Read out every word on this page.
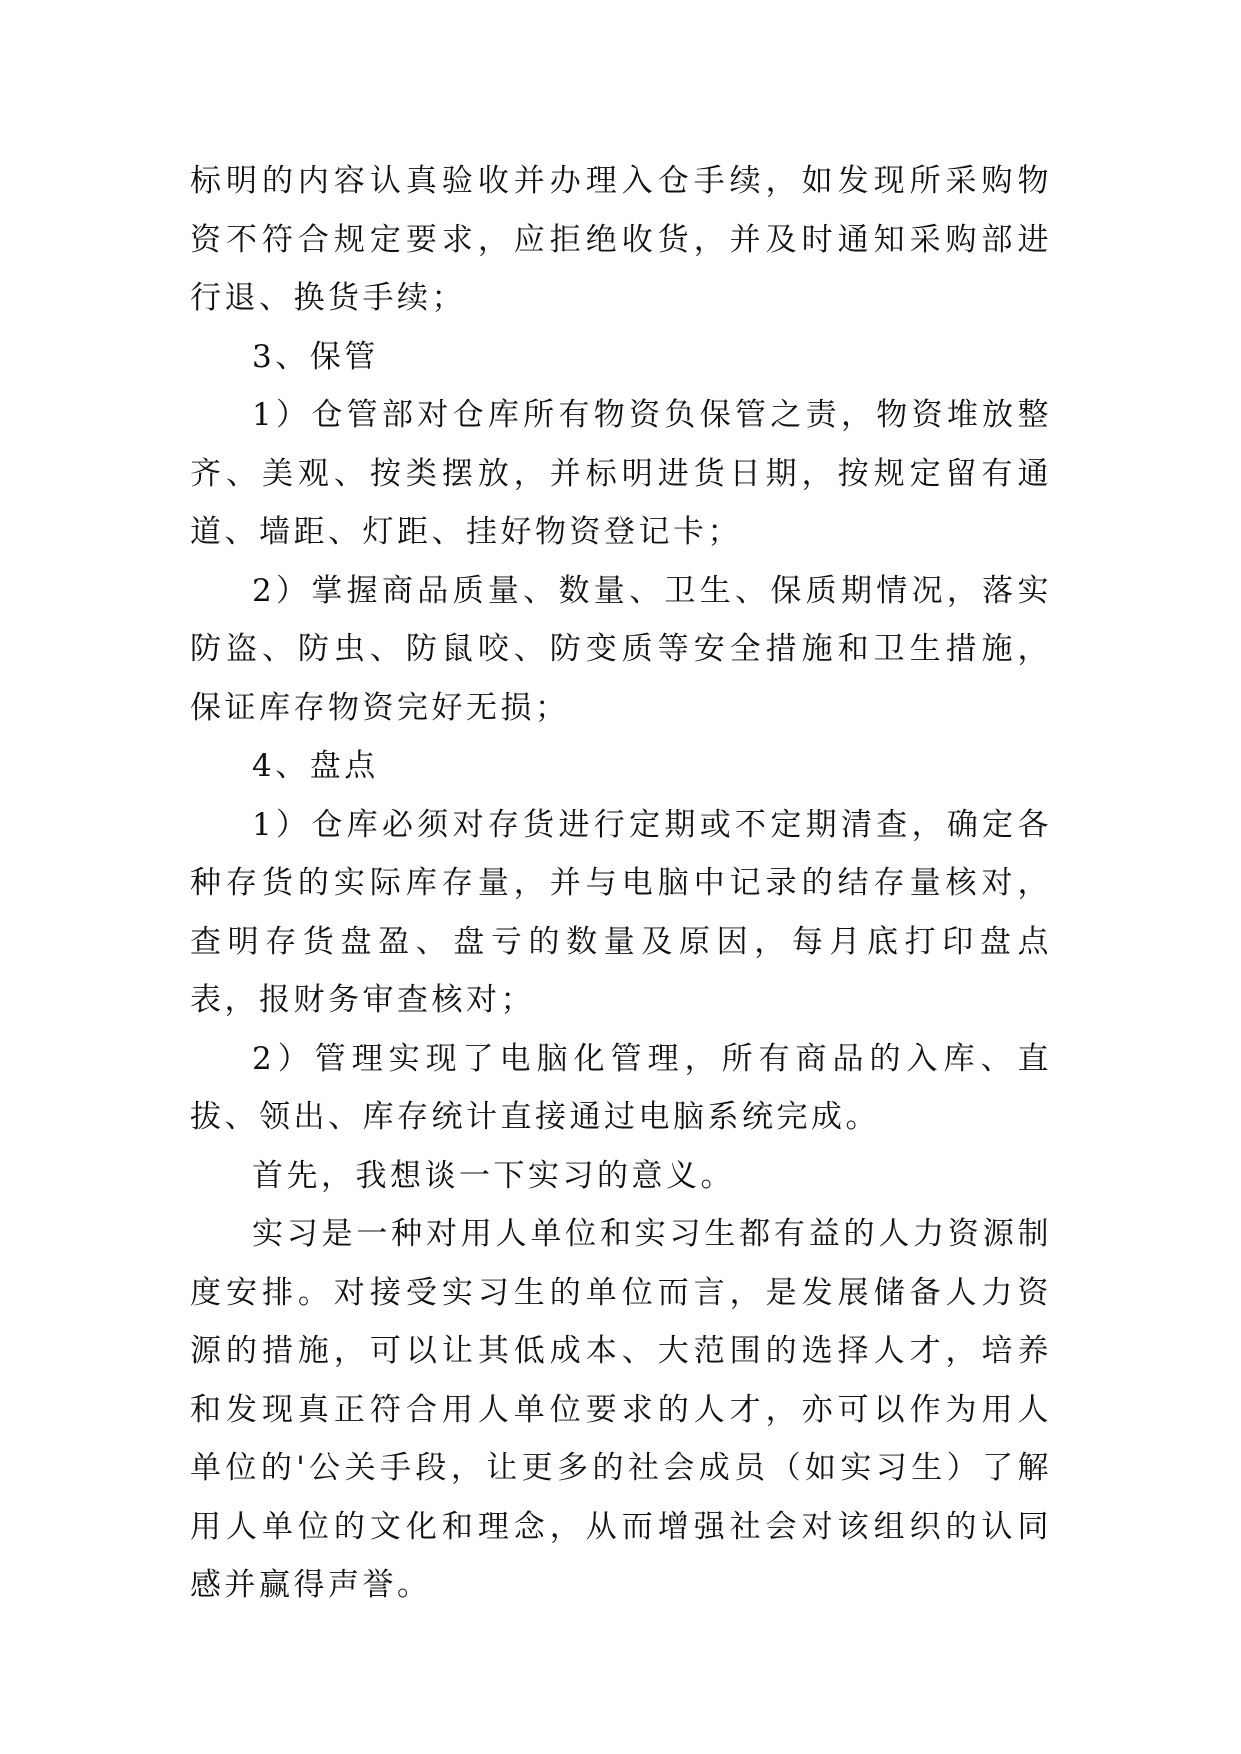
标明的内容认真验收并办理入仓手续，如发现所采购物资不符合规定要求，应拒绝收货，并及时通知采购部进行退、换货手续；

3、保管

1）仓管部对仓库所有物资负保管之责，物资堆放整齐、美观、按类摆放，并标明进货日期，按规定留有通道、墙距、灯距、挂好物资登记卡；

2）掌握商品质量、数量、卫生、保质期情况，落实防盗、防虫、防鼠咬、防变质等安全措施和卫生措施，保证库存物资完好无损；

4、盘点

1）仓库必须对存货进行定期或不定期清查，确定各种存货的实际库存量，并与电脑中记录的结存量核对，查明存货盘盈、盘亏的数量及原因，每月底打印盘点表，报财务审查核对；

2）管理实现了电脑化管理，所有商品的入库、直拔、领出、库存统计直接通过电脑系统完成。

首先，我想谈一下实习的意义。

实习是一种对用人单位和实习生都有益的人力资源制度安排。对接受实习生的单位而言，是发展储备人力资源的措施，可以让其低成本、大范围的选择人才，培养和发现真正符合用人单位要求的人才，亦可以作为用人单位的'公关手段，让更多的社会成员（如实习生）了解用人单位的文化和理念，从而增强社会对该组织的认同感并赢得声誉。
